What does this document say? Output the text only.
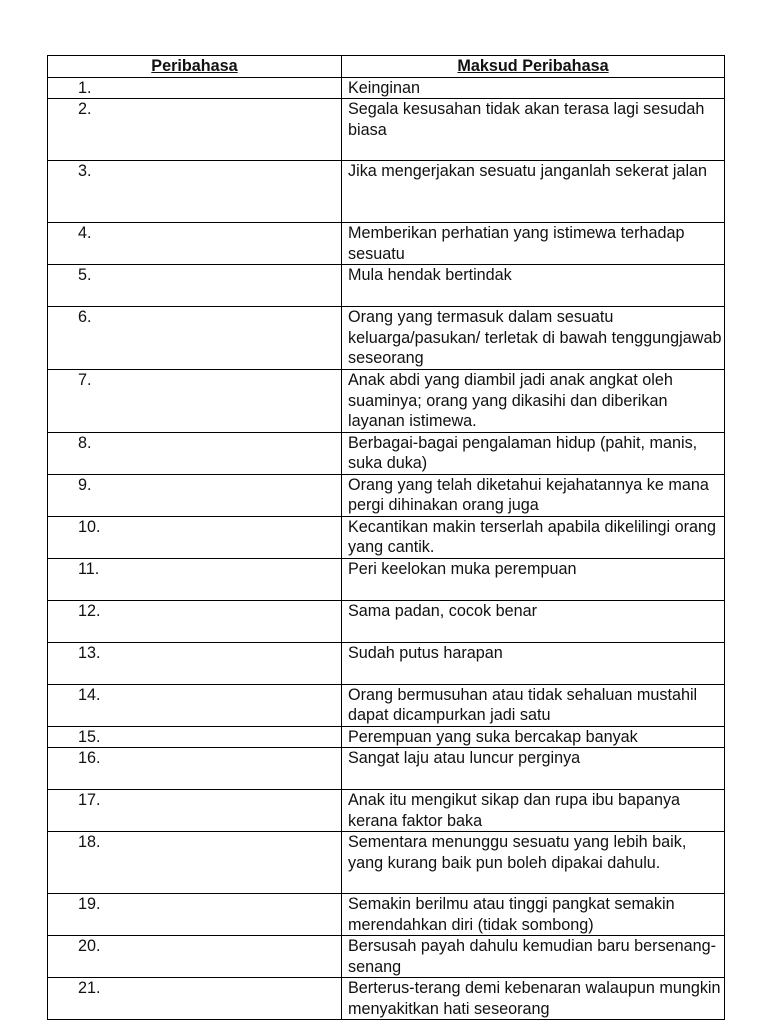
Peribahasa	Maksud Peribahasa
1.	Keinginan
2.	Segala kesusahan tidak akan terasa lagi sesudah biasa
3.	Jika mengerjakan sesuatu janganlah sekerat jalan
4.	Memberikan perhatian yang istimewa terhadap sesuatu
5.	Mula hendak bertindak
6.	Orang yang termasuk dalam sesuatu keluarga/pasukan/ terletak di bawah tenggungjawab seseorang
7.	Anak abdi yang diambil jadi anak angkat oleh suaminya; orang yang dikasihi dan diberikan layanan istimewa.
8.	Berbagai-bagai pengalaman hidup (pahit, manis, suka duka)
9.	Orang yang telah diketahui kejahatannya ke mana pergi dihinakan orang juga
10.	Kecantikan makin terserlah apabila dikelilingi orang yang cantik.
11.	Peri keelokan muka perempuan
12.	Sama padan, cocok benar
13.	Sudah putus harapan
14.	Orang bermusuhan atau tidak sehaluan mustahil dapat dicampurkan jadi satu
15.	Perempuan yang suka bercakap banyak
16.	Sangat laju atau luncur perginya
17.	Anak itu mengikut sikap dan rupa ibu bapanya kerana faktor baka
18.	Sementara menunggu sesuatu yang lebih baik, yang kurang baik pun boleh dipakai dahulu.
19.	Semakin berilmu atau tinggi pangkat semakin merendahkan diri (tidak sombong)
20.	Bersusah payah dahulu kemudian baru bersenang-senang
21.	Berterus-terang demi kebenaran walaupun mungkin menyakitkan hati seseorang
